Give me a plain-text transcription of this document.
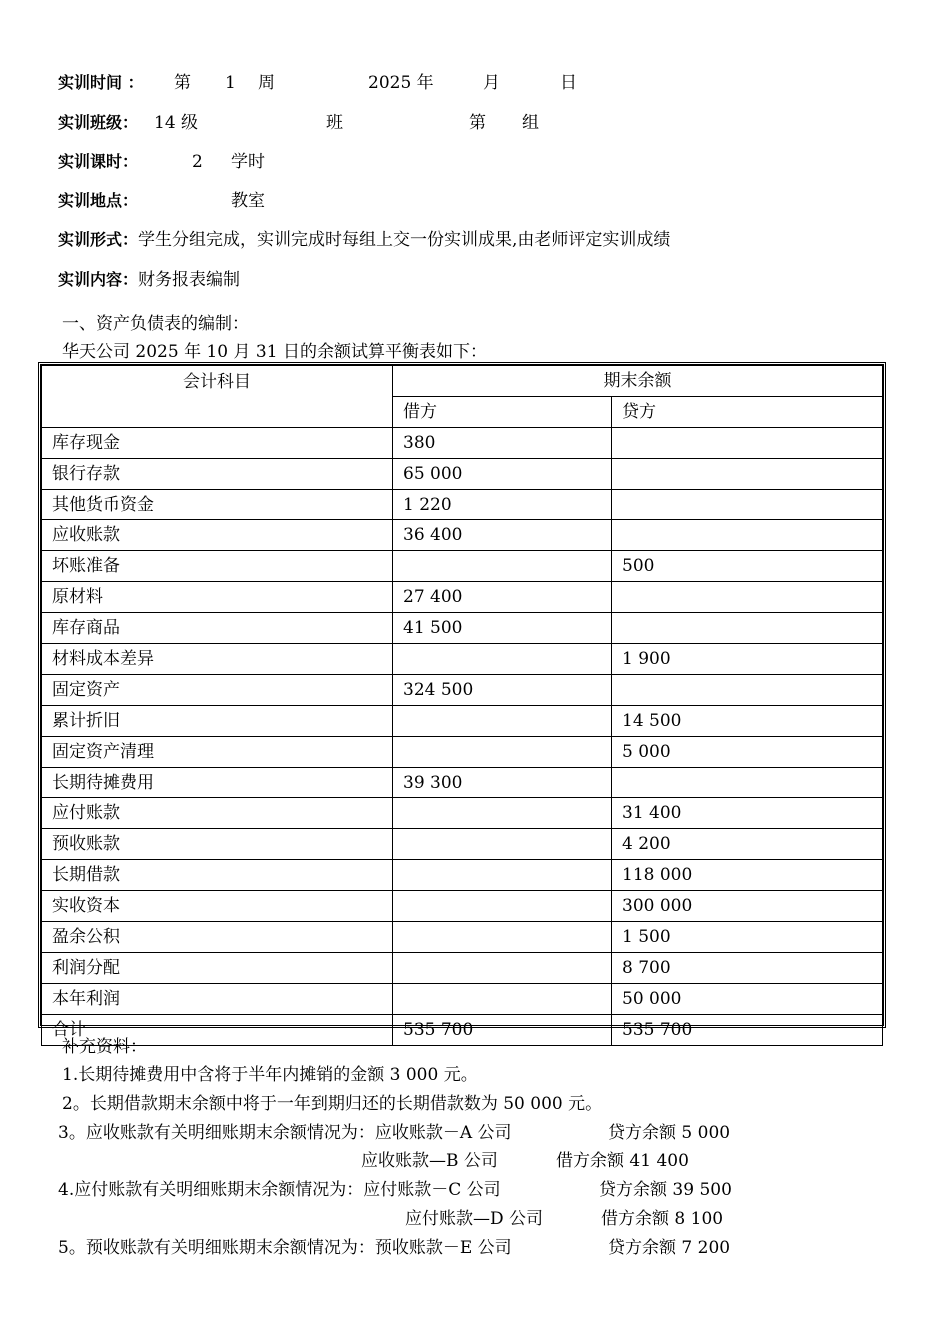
实训时间 ： 第 1 周	2025 年	月	日
实训班级： 14 级	班	第 组
实训课时：	2 学时
实训地点：	教室
实训形式：学生分组完成，实训完成时每组上交一份实训成果,由老师评定实训成绩
实训内容：财务报表编制
一、资产负债表的编制：
华天公司 2025 年 10 月 31 日的余额试算平衡表如下：
会计科目	期末余额	
	借方	贷方
库存现金	380	
银行存款	65 000	
其他货币资金	1 220	
应收账款	36 400	
坏账准备		500
原材料	27 400	
库存商品	41 500	
材料成本差异		1 900
固定资产	324 500	
累计折旧		14 500
固定资产清理		5 000
长期待摊费用	39 300	
应付账款		31 400
预收账款		4 200
长期借款		118 000
实收资本		300 000
盈余公积		1 500
利润分配		8 700
本年利润		50 000
合计	535 700	535 700
补充资料：
1.长期待摊费用中含将于半年内摊销的金额 3 000 元。
2。长期借款期末余额中将于一年到期归还的长期借款数为 50 000 元。
3。应收账款有关明细账期末余额情况为：应收账款－A 公司	贷方余额 5 000
应收账款—B 公司	借方余额 41 400
4.应付账款有关明细账期末余额情况为：应付账款－C 公司	贷方余额 39 500
应付账款—D 公司	借方余额 8 100
5。预收账款有关明细账期末余额情况为：预收账款－E 公司	贷方余额 7 200
